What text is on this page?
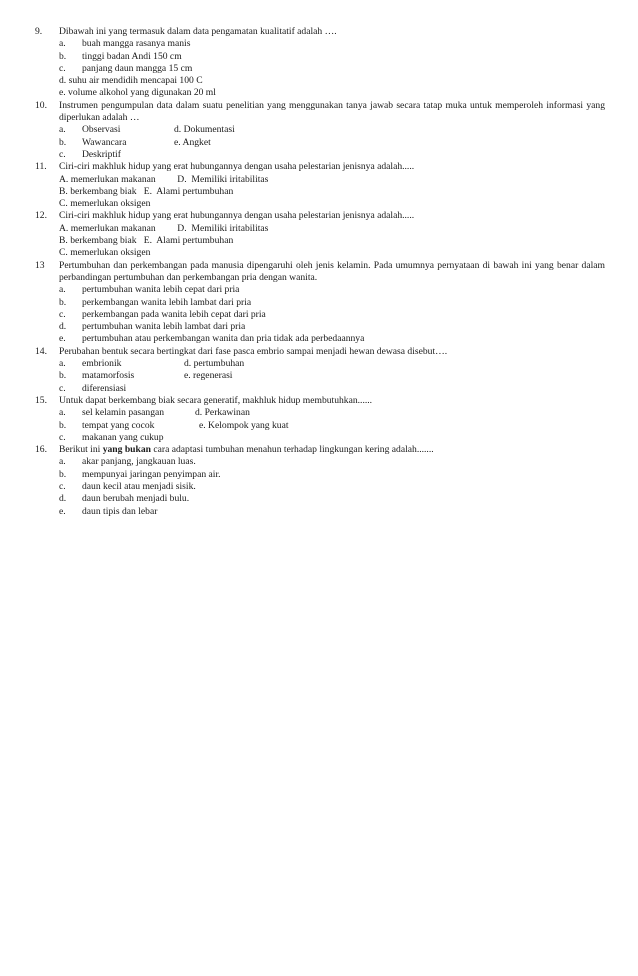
9. Dibawah ini yang termasuk dalam data pengamatan kualitatif adalah ….
a. buah mangga rasanya manis
b. tinggi badan Andi 150 cm
c. panjang daun mangga 15 cm
d. suhu air mendidih mencapai 100 C
e. volume alkohol yang digunakan 20 ml
10. Instrumen pengumpulan data dalam suatu penelitian yang menggunakan tanya jawab secara tatap muka untuk memperoleh informasi yang diperlukan adalah …
a. Observasi	d. Dokumentasi
b. Wawancara	e. Angket
c. Deskriptif
11. Ciri-ciri makhluk hidup yang erat hubungannya dengan usaha pelestarian jenisnya adalah.....
A. memerlukan makanan         D.  Memiliki iritabilitas
B. berkembang biak   E.  Alami pertumbuhan
C. memerlukan oksigen
12. Ciri-ciri makhluk hidup yang erat hubungannya dengan usaha pelestarian jenisnya adalah.....
A. memerlukan makanan         D.  Memiliki iritabilitas
B. berkembang biak   E.  Alami pertumbuhan
C. memerlukan oksigen
13 Pertumbuhan dan perkembangan pada manusia dipengaruhi oleh jenis kelamin. Pada umumnya pernyataan di bawah ini yang benar dalam perbandingan pertumbuhan dan perkembangan pria dengan wanita.
a. pertumbuhan wanita lebih cepat dari pria
b. perkembangan wanita lebih lambat dari pria
c. perkembangan pada wanita lebih cepat dari pria
d. pertumbuhan wanita lebih lambat dari pria
e. pertumbuhan atau perkembangan wanita dan pria tidak ada perbedaannya
14. Perubahan bentuk secara bertingkat dari fase pasca embrio sampai menjadi hewan dewasa disebut….
a. embrionik	d. pertumbuhan
b. matamorfosis	e. regenerasi
c. diferensiasi
15. Untuk dapat berkembang biak secara generatif, makhluk hidup membutuhkan......
a. sel kelamin pasangan	d. Perkawinan
b. tempat yang cocok	e. Kelompok yang kuat
c. makanan yang cukup
16. Berikut ini yang bukan cara adaptasi tumbuhan menahun terhadap lingkungan kering adalah.......
a. akar panjang, jangkauan luas.
b. mempunyai jaringan penyimpan air.
c. daun kecil atau menjadi sisik.
d. daun berubah menjadi bulu.
e. daun tipis dan lebar
